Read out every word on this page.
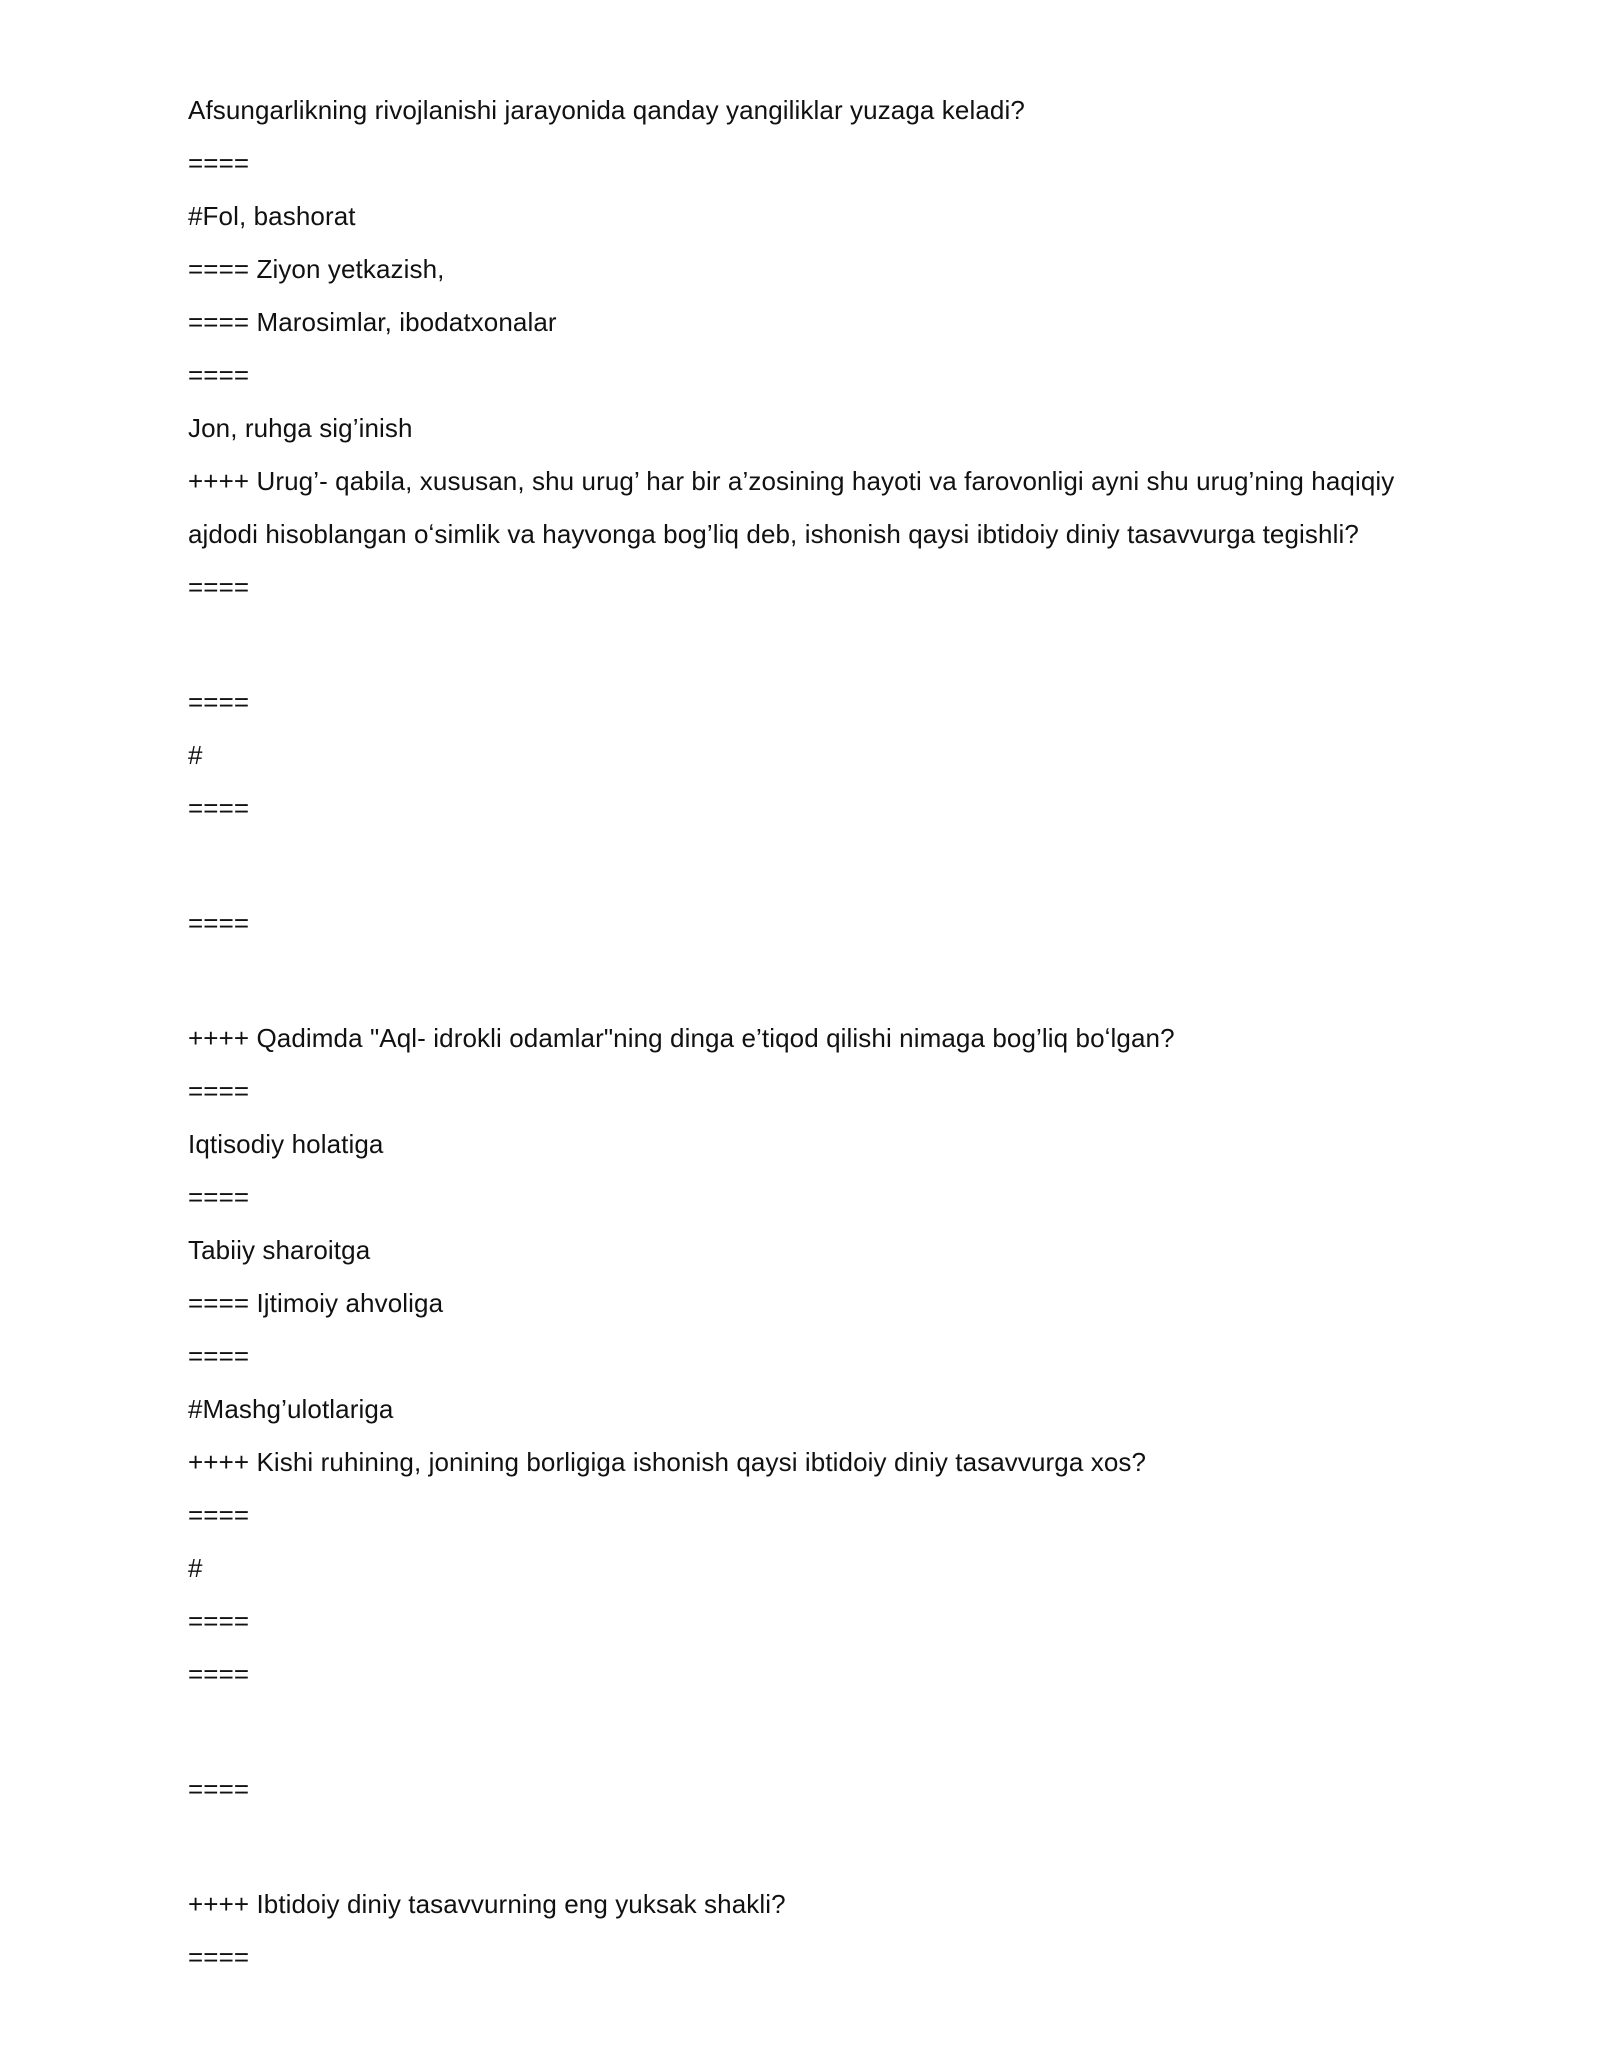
Afsungarlikning rivojlanishi jarayonida qanday yangiliklar yuzaga keladi?

====

#Fol, bashorat

==== Ziyon yetkazish,

==== Marosimlar, ibodatxonalar

====

Jon, ruhga sig’inish

++++ Urug’- qabila, xususan, shu urug’ har bir a’zosining hayoti va farovonligi ayni shu urug’ning haqiqiy

ajdodi hisoblangan oʻsimlik va hayvonga bog’liq deb, ishonish qaysi ibtidoiy diniy tasavvurga tegishli?

====

====

#

====

====

++++ Qadimda "Aql- idrokli odamlar"ning dinga e’tiqod qilishi nimaga bog’liq boʻlgan?

====

Iqtisodiy holatiga

====

Tabiiy sharoitga

==== Ijtimoiy ahvoliga

====

#Mashg’ulotlariga

++++ Kishi ruhining, jonining borligiga ishonish qaysi ibtidoiy diniy tasavvurga xos?

====

#

====

====

====

++++ Ibtidoiy diniy tasavvurning eng yuksak shakli?

====
